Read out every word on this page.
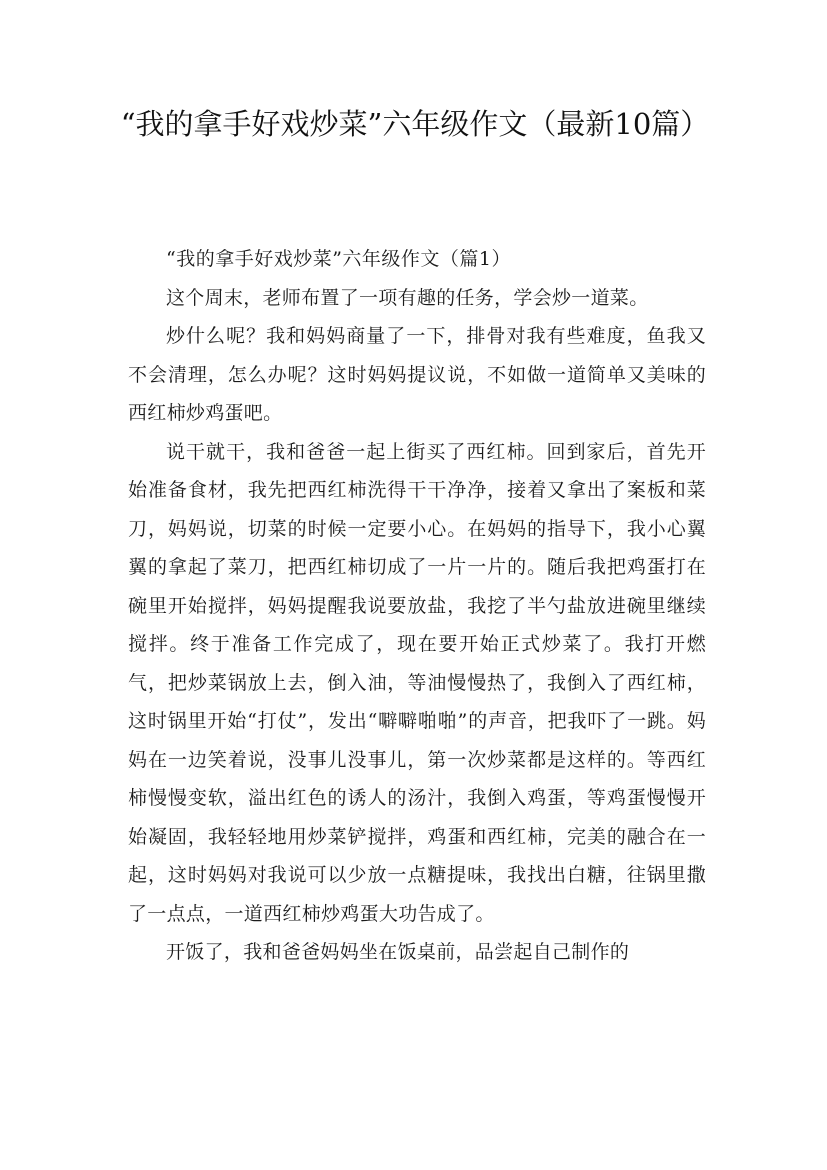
“我的拿手好戏炒菜”六年级作文（最新10篇）

“我的拿手好戏炒菜”六年级作文（篇1）

这个周末，老师布置了一项有趣的任务，学会炒一道菜。

炒什么呢？我和妈妈商量了一下，排骨对我有些难度，鱼我又不会清理，怎么办呢？这时妈妈提议说，不如做一道简单又美味的西红柿炒鸡蛋吧。

说干就干，我和爸爸一起上街买了西红柿。回到家后，首先开始准备食材，我先把西红柿洗得干干净净，接着又拿出了案板和菜刀，妈妈说，切菜的时候一定要小心。在妈妈的指导下，我小心翼翼的拿起了菜刀，把西红柿切成了一片一片的。随后我把鸡蛋打在碗里开始搅拌，妈妈提醒我说要放盐，我挖了半勺盐放进碗里继续搅拌。终于准备工作完成了，现在要开始正式炒菜了。我打开燃气，把炒菜锅放上去，倒入油，等油慢慢热了，我倒入了西红柿，这时锅里开始“打仗”，发出“噼噼啪啪”的声音，把我吓了一跳。妈妈在一边笑着说，没事儿没事儿，第一次炒菜都是这样的。等西红柿慢慢变软，溢出红色的诱人的汤汁，我倒入鸡蛋，等鸡蛋慢慢开始凝固，我轻轻地用炒菜铲搅拌，鸡蛋和西红柿，完美的融合在一起，这时妈妈对我说可以少放一点糖提味，我找出白糖，往锅里撒了一点点，一道西红柿炒鸡蛋大功告成了。

开饭了，我和爸爸妈妈坐在饭桌前，品尝起自己制作的
